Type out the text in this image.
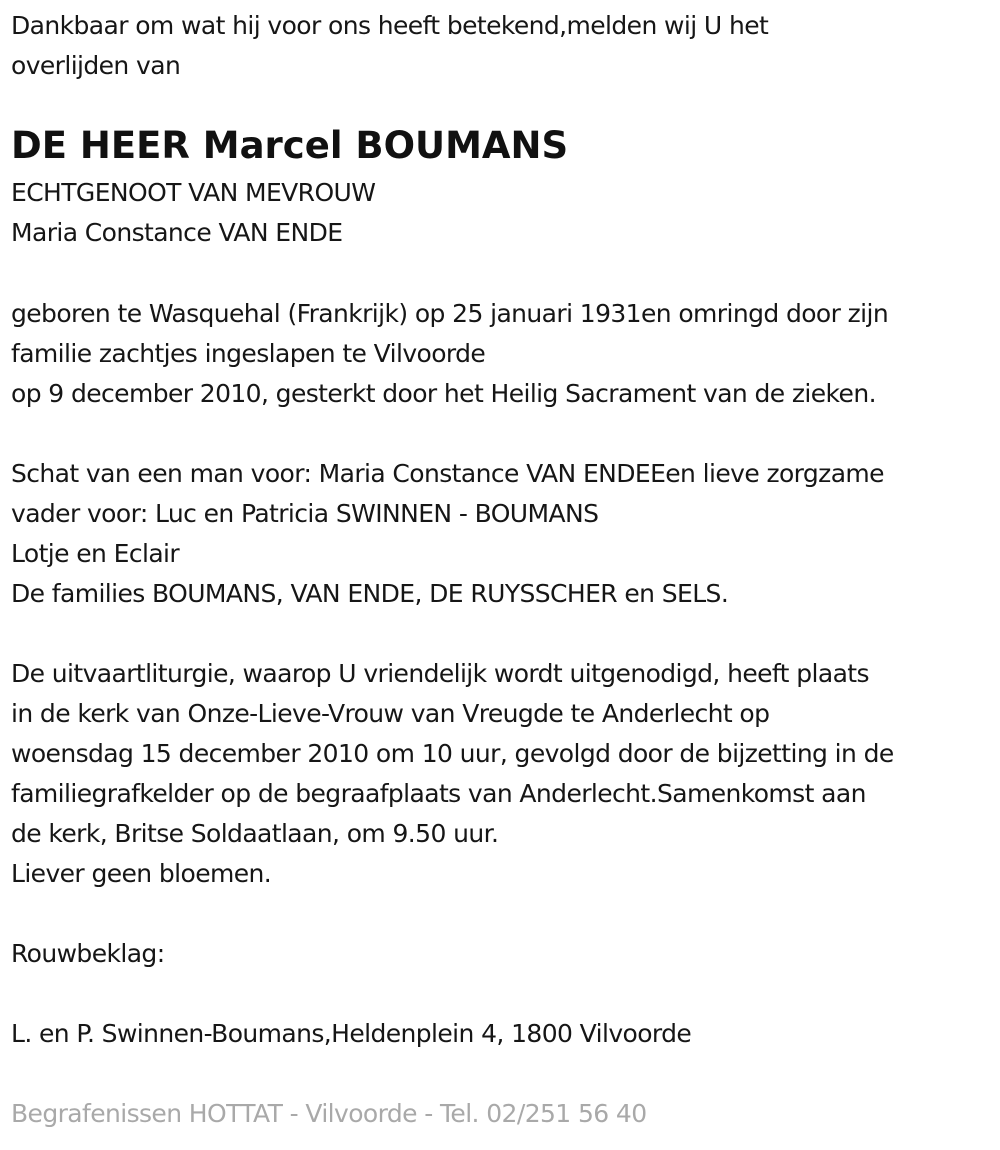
Dankbaar om wat hij voor ons heeft betekend,melden wij U het
overlijden van
DE HEER Marcel BOUMANS
ECHTGENOOT VAN MEVROUW
Maria Constance VAN ENDE
geboren te Wasquehal (Frankrijk) op 25 januari 1931en omringd door zijn
familie zachtjes ingeslapen te Vilvoorde
op 9 december 2010, gesterkt door het Heilig Sacrament van de zieken.
Schat van een man voor: Maria Constance VAN ENDEEen lieve zorgzame
vader voor: Luc en Patricia SWINNEN - BOUMANS
Lotje en Eclair
De families BOUMANS, VAN ENDE, DE RUYSSCHER en SELS.
De uitvaartliturgie, waarop U vriendelijk wordt uitgenodigd, heeft plaats
in de kerk van Onze-Lieve-Vrouw van Vreugde te Anderlecht op
woensdag 15 december 2010 om 10 uur, gevolgd door de bijzetting in de
familiegrafkelder op de begraafplaats van Anderlecht.Samenkomst aan
de kerk, Britse Soldaatlaan, om 9.50 uur.
Liever geen bloemen.
Rouwbeklag:
L. en P. Swinnen-Boumans,Heldenplein 4, 1800 Vilvoorde
Begrafenissen HOTTAT - Vilvoorde - Tel. 02/251 56 40
